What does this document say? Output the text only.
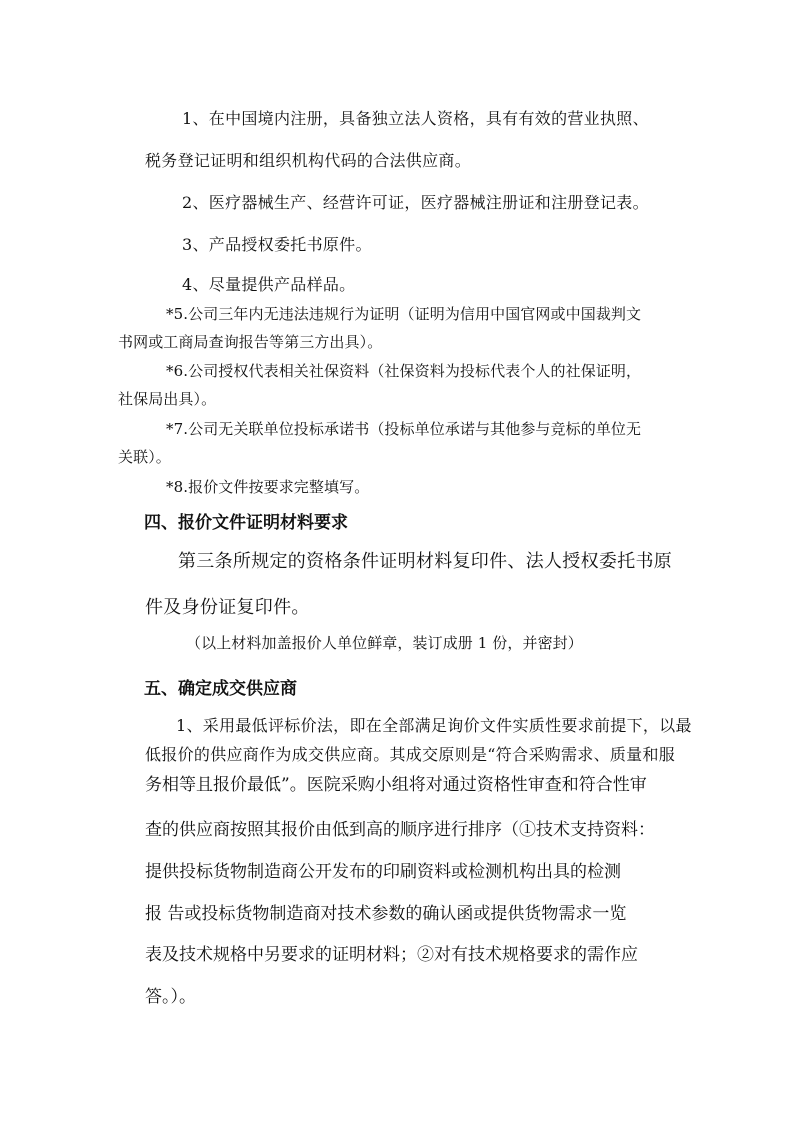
1、在中国境内注册，具备独立法人资格，具有有效的营业执照、

税务登记证明和组织机构代码的合法供应商。

2、医疗器械生产、经营许可证，医疗器械注册证和注册登记表。

3、产品授权委托书原件。

4、尽量提供产品样品。

*5.公司三年内无违法违规行为证明（证明为信用中国官网或中国裁判文

书网或工商局查询报告等第三方出具）。

*6.公司授权代表相关社保资料（社保资料为投标代表个人的社保证明，

社保局出具）。

*7.公司无关联单位投标承诺书（投标单位承诺与其他参与竞标的单位无

关联）。

*8.报价文件按要求完整填写。

四、报价文件证明材料要求

第三条所规定的资格条件证明材料复印件、法人授权委托书原

件及身份证复印件。

（以上材料加盖报价人单位鲜章，装订成册 1 份，并密封）

五、确定成交供应商

1、采用最低评标价法，即在全部满足询价文件实质性要求前提下，以最

低报价的供应商作为成交供应商。其成交原则是“符合采购需求、质量和服

务相等且报价最低”。医院采购小组将对通过资格性审查和符合性审

查的供应商按照其报价由低到高的顺序进行排序（①技术支持资料：

提供投标货物制造商公开发布的印刷资料或检测机构出具的检测

报 告或投标货物制造商对技术参数的确认函或提供货物需求一览

表及技术规格中另要求的证明材料；②对有技术规格要求的需作应

答。）。
